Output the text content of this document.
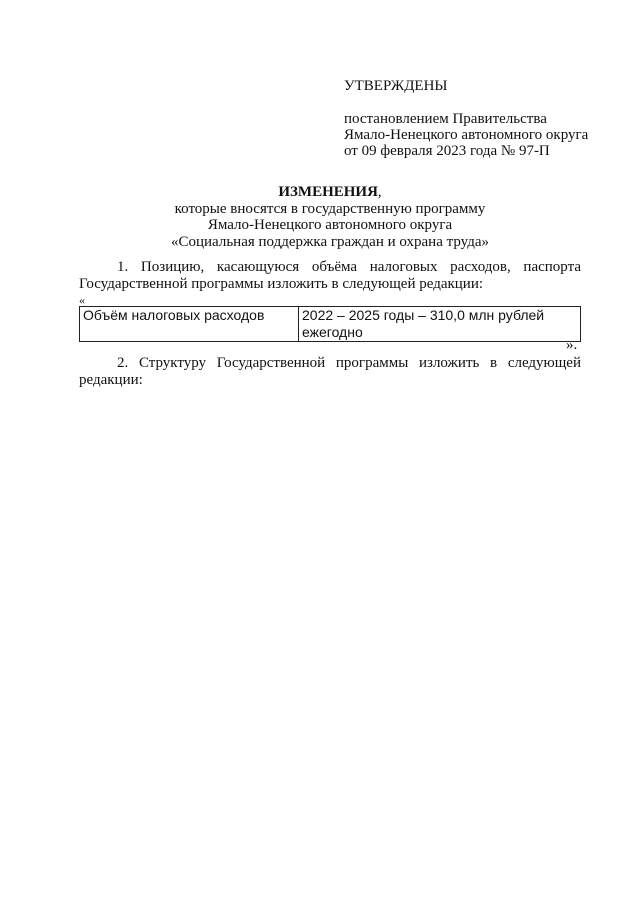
УТВЕРЖДЕНЫ
постановлением Правительства
Ямало-Ненецкого автономного округа
от 09 февраля 2023 года № 97-П
ИЗМЕНЕНИЯ,
которые вносятся в государственную программу
Ямало-Ненецкого автономного округа
«Социальная поддержка граждан и охрана труда»
1. Позицию, касающуюся объёма налоговых расходов, паспорта
Государственной программы изложить в следующей редакции:
«
Объём налоговых расходов	2022 – 2025 годы – 310,0 млн рублей ежегодно
».
2. Структуру Государственной программы изложить в следующей
редакции:
